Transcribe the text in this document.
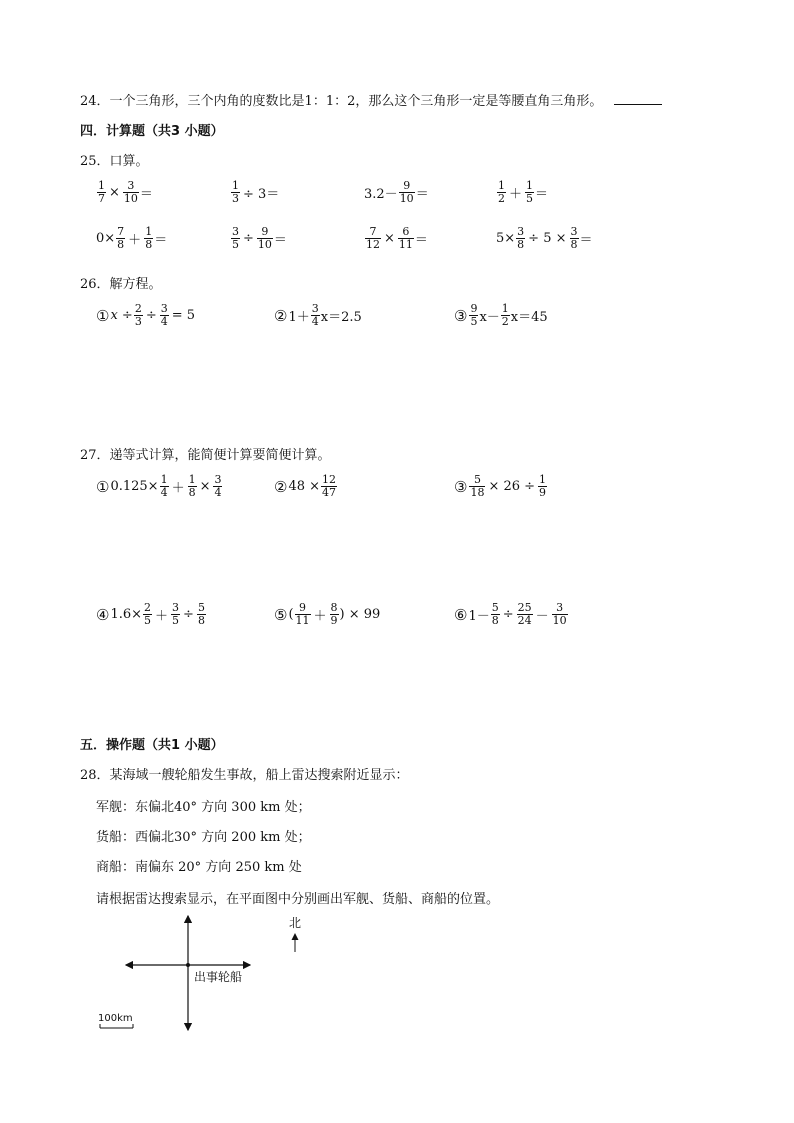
24．一个三角形，三个内角的度数比是1：1：2，那么这个三角形一定是等腰直角三角形。
四．计算题（共3 小题）
25．口算。
$\frac{1}{7} \times \frac{3}{10}$ ＝	$\frac{1}{3} \div 3=$	$3.2- \frac{9}{10}$ ＝	$\frac{1}{2} + \frac{1}{5}$ ＝
$0\times \frac{7}{8} + \frac{1}{8}$ ＝	$\frac{3}{5} \div \frac{9}{10}$ ＝	$\frac{7}{12} \times \frac{6}{11}$ ＝	$5\times \frac{3}{8} \div 5 \times \frac{3}{8}$ ＝
26．解方程。
① $x \div \frac{2}{3} \div \frac{3}{4} = 5$	② $1+ \frac{3}{4} x=2.5$	③ $\frac{9}{5} x- \frac{1}{2} x=45$
27．递等式计算，能简便计算要简便计算。
① $0.125\times \frac{1}{4} + \frac{1}{8} \times \frac{3}{4}$	② $48 \times \frac{12}{47}$	③ $\frac{5}{18} \times 26 \div \frac{1}{9}$
④ $1.6\times \frac{2}{5} + \frac{3}{5} \div \frac{5}{8}$	⑤ ( $\frac{9}{11} + \frac{8}{9}$ ) × 99	⑥ $1- \frac{5}{8} \div \frac{25}{24} - \frac{3}{10}$
五．操作题（共1 小题）
28．某海域一艘轮船发生事故，船上雷达搜索附近显示：
军舰：东偏北40° 方向 300 km 处；
货船：西偏北30° 方向 200 km 处；
商船：南偏东 20° 方向 250 km 处
请根据雷达搜索显示，在平面图中分别画出军舰、货船、商船的位置。
北
出事轮船
100km
